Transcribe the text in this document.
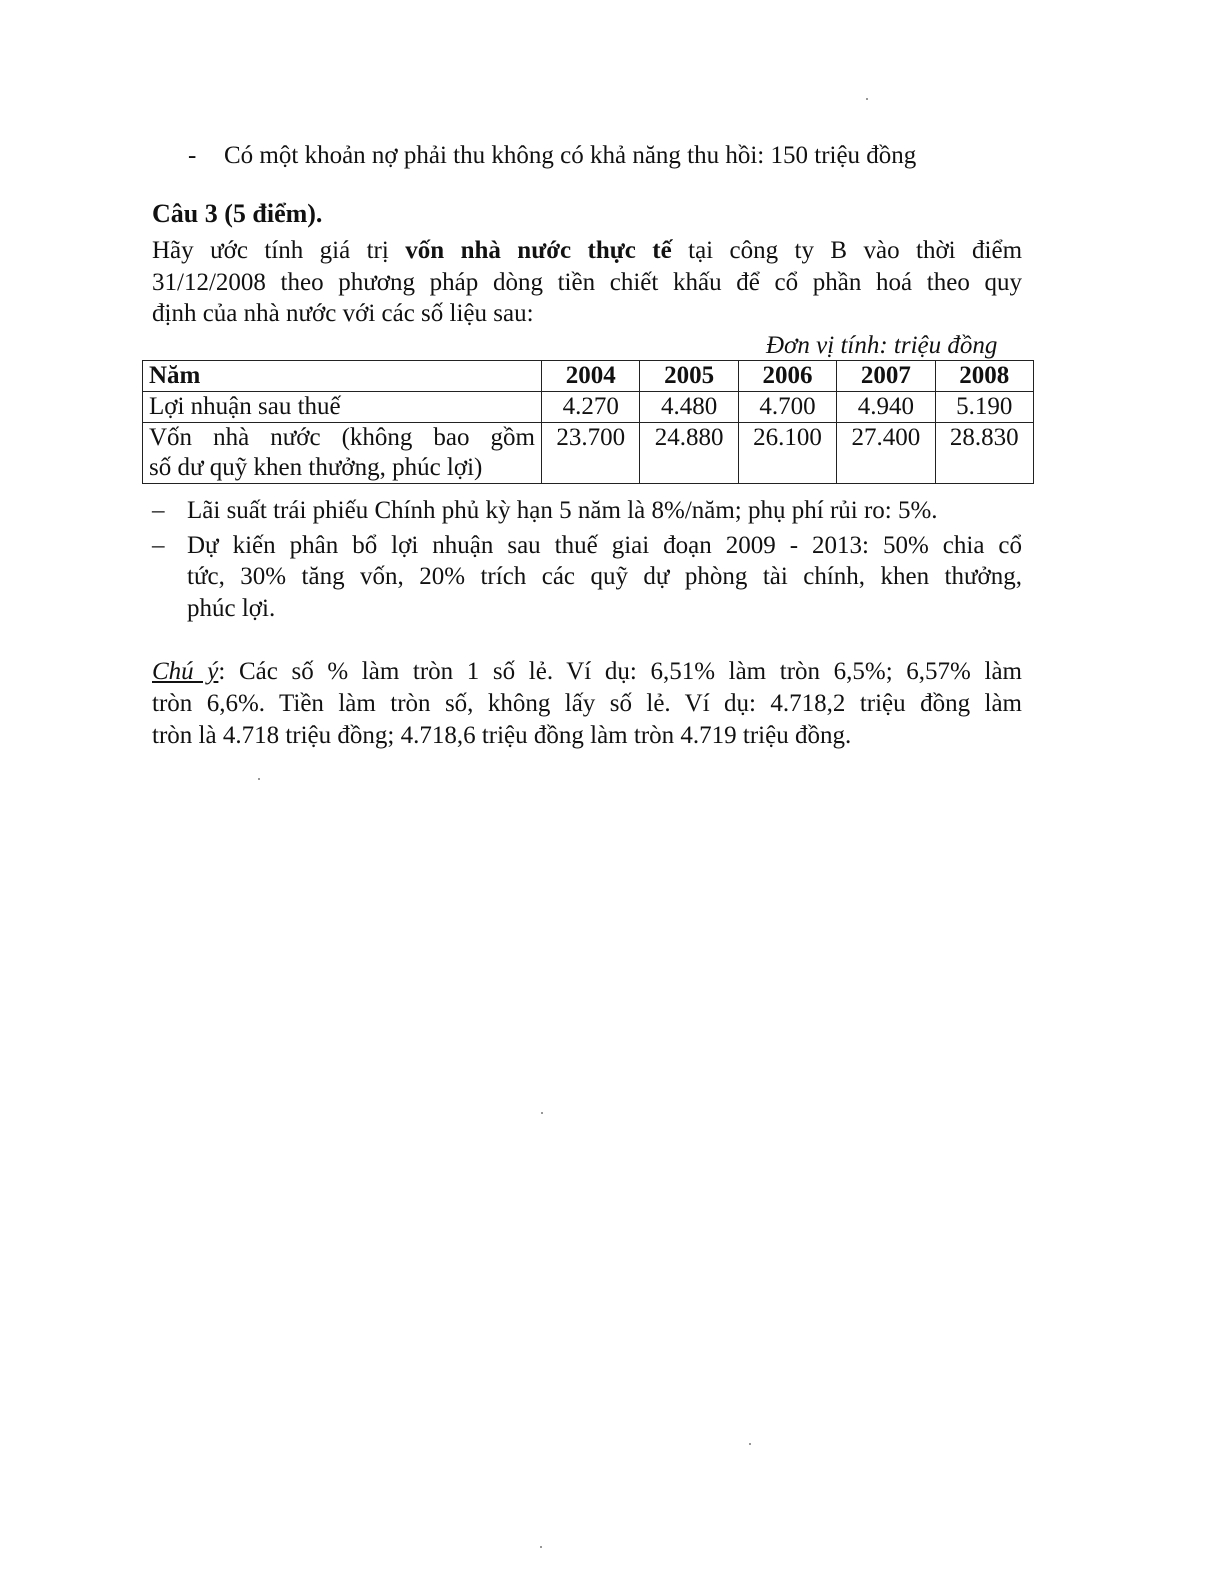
- Có một khoản nợ phải thu không có khả năng thu hồi: 150 triệu đồng
Câu 3 (5 điểm).
Hãy ước tính giá trị vốn nhà nước thực tế tại công ty B vào thời điểm
31/12/2008 theo phương pháp dòng tiền chiết khấu để cổ phần hoá theo quy
định của nhà nước với các số liệu sau:
Đơn vị tính: triệu đồng
Năm	2004	2005	2006	2007	2008
Lợi nhuận sau thuế	4.270	4.480	4.700	4.940	5.190

Vốn nhà nước (không bao gồm
số dư quỹ khen thưởng, phúc lợi)	23.700	24.880	26.100	27.400	28.830
– Lãi suất trái phiếu Chính phủ kỳ hạn 5 năm là 8%/năm; phụ phí rủi ro: 5%.
– Dự kiến phân bổ lợi nhuận sau thuế giai đoạn 2009 - 2013: 50% chia cổ
tức, 30% tăng vốn, 20% trích các quỹ dự phòng tài chính, khen thưởng,
phúc lợi.
Chú ý: Các số % làm tròn 1 số lẻ. Ví dụ: 6,51% làm tròn 6,5%; 6,57% làm
tròn 6,6%. Tiền làm tròn số, không lấy số lẻ. Ví dụ: 4.718,2 triệu đồng làm
tròn là 4.718 triệu đồng; 4.718,6 triệu đồng làm tròn 4.719 triệu đồng.
